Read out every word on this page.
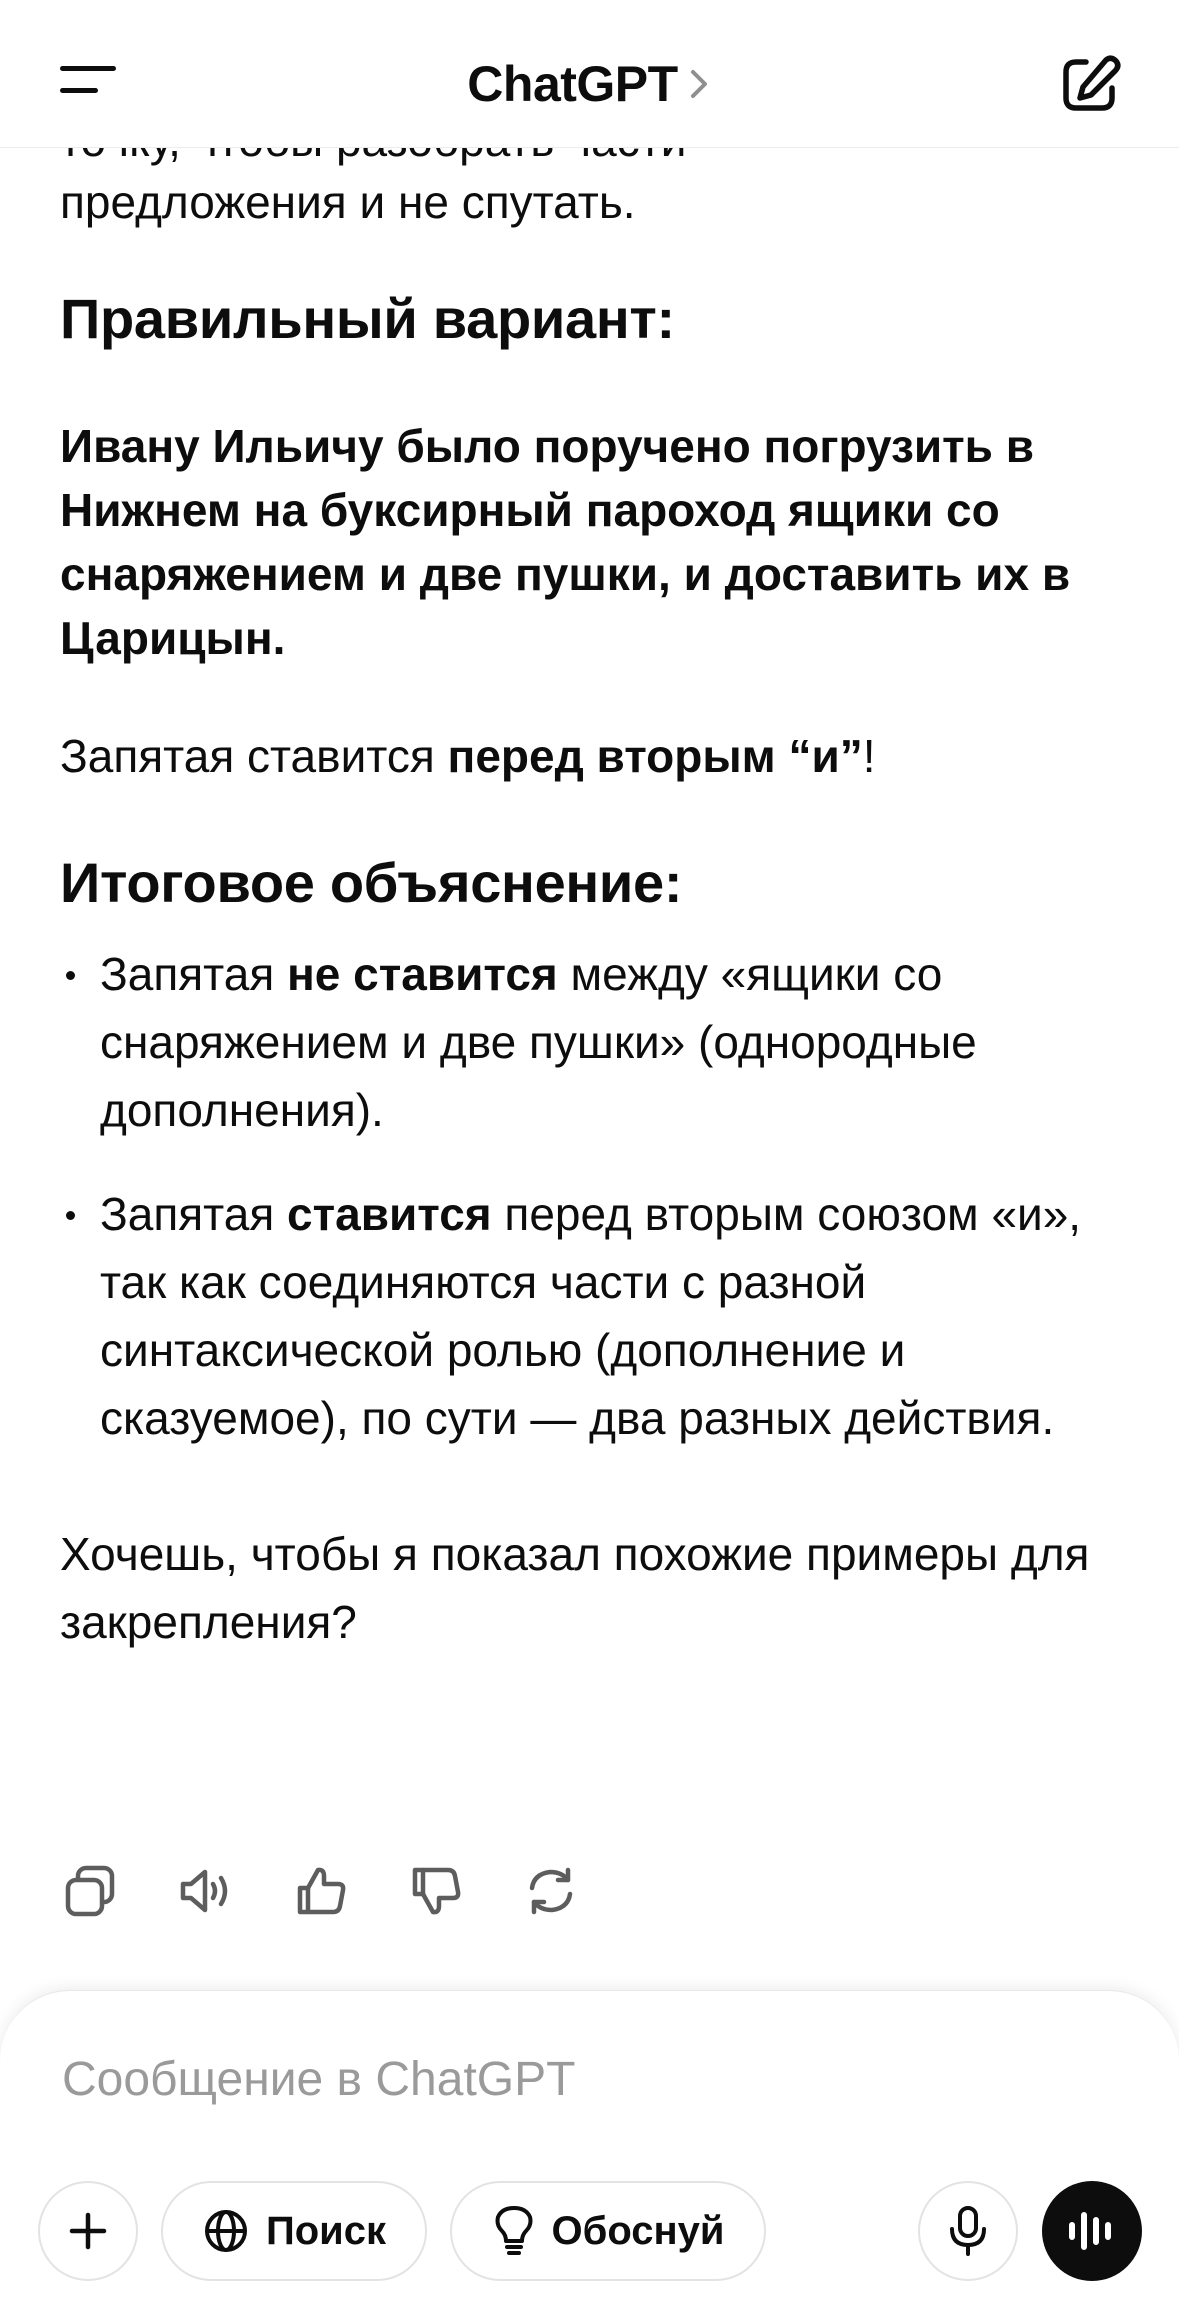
ChatGPT
предложения и не спутать.
Правильный вариант:
Ивану Ильичу было поручено погрузить в Нижнем на буксирный пароход ящики со снаряжением и две пушки, и доставить их в Царицын.
Запятая ставится перед вторым “и”!
Итоговое объяснение:
Запятая не ставится между «ящики со снаряжением и две пушки» (однородные дополнения).
Запятая ставится перед вторым союзом «и», так как соединяются части с разной синтаксической ролью (дополнение и сказуемое), по сути — два разных действия.
Хочешь, чтобы я показал похожие примеры для закрепления?
Сообщение в ChatGPT
Поиск	Обоснуй
